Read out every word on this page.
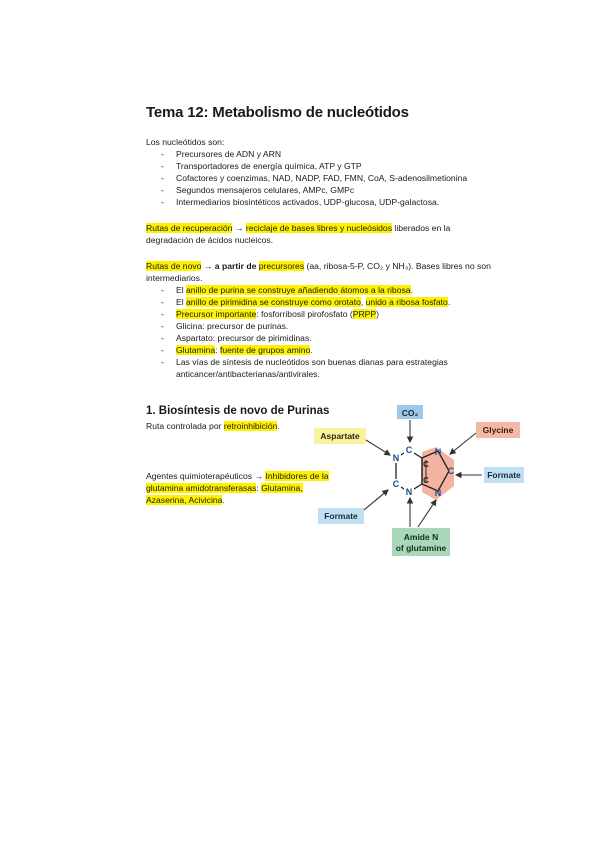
Tema 12: Metabolismo de nucleótidos
Los nucleótidos son:
- Precursores de ADN y ARN
- Transportadores de energía química, ATP y GTP
- Cofactores y coenzimas, NAD, NADP, FAD, FMN, CoA, S-adenosilmetionina
- Segundos mensajeros celulares, AMPc, GMPc
- Intermediarios biosintéticos activados, UDP-glucosa, UDP-galactosa.
Rutas de recuperación → reciclaje de bases libres y nucleósidos liberados en la
degradación de ácidos nucleicos.
Rutas de novo → a partir de precursores (aa, ribosa-5-P, CO₂ y NH₃). Bases libres no son
intermediarios.
- El anillo de purina se construye añadiendo átomos a la ribosa.
- El anillo de pirimidina se construye como orotato, unido a ribosa fosfato.
- Precursor importante: fosforribosil pirofosfato (PRPP)
- Glicina: precursor de purinas.
- Aspartato: precursor de pirimidinas.
- Glutamina: fuente de grupos amino.
- Las vías de síntesis de nucleótidos son buenas dianas para estrategias
anticancer/antibacterianas/antivirales.
1. Biosíntesis de novo de Purinas
Ruta controlada por retroinhibición.
Agentes quimioterapéuticos → Inhibidores de la
glutamina amidotransferasas: Glutamina,
Azaserina, Acivicina.
C
N
C
N
C
C
N
C
N
CO₂
Glycine
Aspartate
Formate
Formate
Amide N
of glutamine
